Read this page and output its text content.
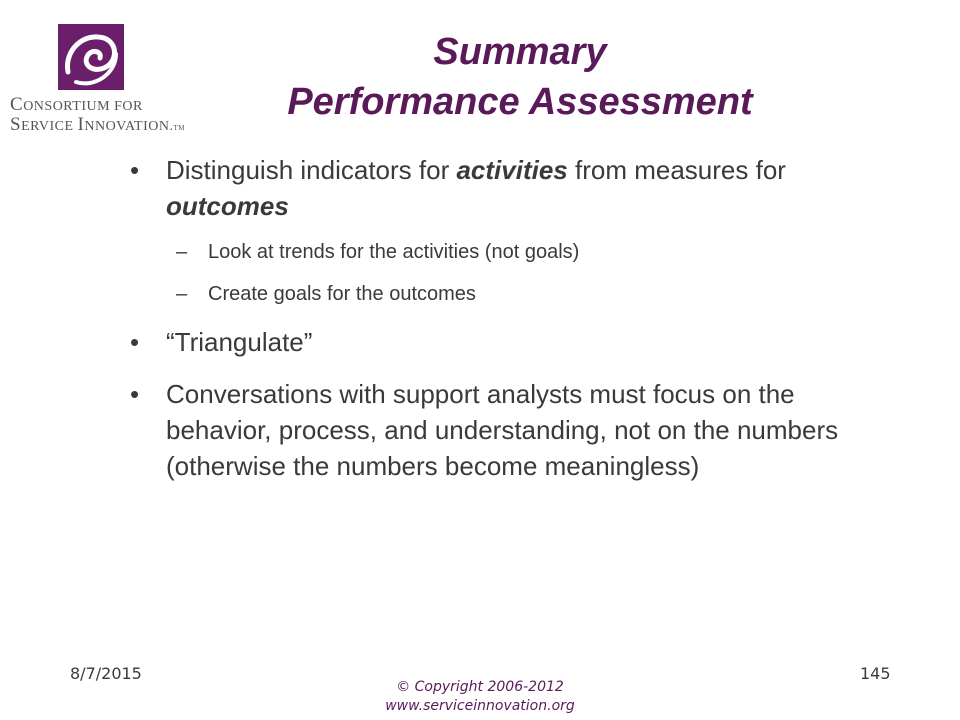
CONSORTIUM FOR
SERVICE INNOVATION.TM
Summary
Performance Assessment
• Distinguish indicators for activities from measures for outcomes
– Look at trends for the activities (not goals)
– Create goals for the outcomes
• “Triangulate”
• Conversations with support analysts must focus on the behavior, process, and understanding, not on the numbers (otherwise the numbers become meaningless)
8/7/2015	145
© Copyright 2006-2012
www.serviceinnovation.org
